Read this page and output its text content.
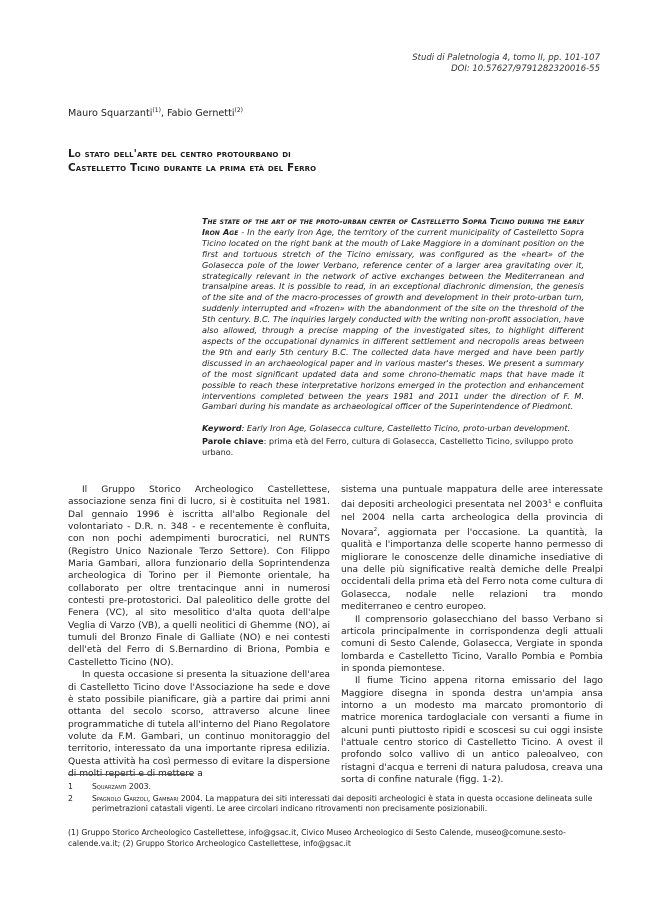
Studi di Paletnologia 4, tomo II, pp. 101-107
DOI: 10.57627/9791282320016-55
Mauro Squarzanti$^{(1)}$, Fabio Gernetti$^{(2)}$
Lo stato dell'arte del centro protourbano di
Castelletto Ticino durante la prima età del Ferro
The state of the art of the proto-urban center of Castelletto Sopra Ticino during the early Iron Age - In the early Iron Age, the territory of the current municipality of Castelletto Sopra Ticino located on the right bank at the mouth of Lake Maggiore in a dominant position on the first and tortuous stretch of the Ticino emissary, was configured as the «heart» of the Golasecca pole of the lower Verbano, reference center of a larger area gravitating over it, strategically relevant in the network of active exchanges between the Mediterranean and transalpine areas. It is possible to read, in an exceptional diachronic dimension, the genesis of the site and of the macro-processes of growth and development in their proto-urban turn, suddenly interrupted and «frozen» with the abandonment of the site on the threshold of the 5th century. B.C. The inquiries largely conducted with the writing non-profit association, have also allowed, through a precise mapping of the investigated sites, to highlight different aspects of the occupational dynamics in different settlement and necropolis areas between the 9th and early 5th century B.C. The collected data have merged and have been partly discussed in an archaeological paper and in various master's theses. We present a summary of the most significant updated data and some chrono-thematic maps that have made it possible to reach these interpretative horizons emerged in the protection and enhancement interventions completed between the years 1981 and 2011 under the direction of F. M. Gambari during his mandate as archaeological officer of the Superintendence of Piedmont.
Keyword: Early Iron Age, Golasecca culture, Castelletto Ticino, proto-urban development.
Parole chiave: prima età del Ferro, cultura di Golasecca, Castelletto Ticino, sviluppo proto urbano.

Il Gruppo Storico Archeologico Castellettese, associazione senza fini di lucro, si è costituita nel 1981. Dal gennaio 1996 è iscritta all'albo Regionale del volontariato - D.R. n. 348 - e recentemente è confluita, con non pochi adempimenti burocratici, nel RUNTS (Registro Unico Nazionale Terzo Settore). Con Filippo Maria Gambari, allora funzionario della Soprintendenza archeologica di Torino per il Piemonte orientale, ha collaborato per oltre trentacinque anni in numerosi contesti pre-protostorici. Dal paleolitico delle grotte del Fenera (VC), al sito mesolitico d'alta quota dell'alpe Veglia di Varzo (VB), a quelli neolitici di Ghemme (NO), ai tumuli del Bronzo Finale di Galliate (NO) e nei contesti dell'età del Ferro di S.Bernardino di Briona, Pombia e Castelletto Ticino (NO).

In questa occasione si presenta la situazione dell'area di Castelletto Ticino dove l'Associazione ha sede e dove è stato possibile pianificare, già a partire dai primi anni ottanta del secolo scorso, attraverso alcune linee programmatiche di tutela all'interno del Piano Regolatore volute da F.M. Gambari, un continuo monitoraggio del territorio, interessato da una importante ripresa edilizia. Questa attività ha così permesso di evitare la dispersione di molti reperti e di mettere a

sistema una puntuale mappatura delle aree interessate dai depositi archeologici presentata nel 2003$^1$ e confluita nel 2004 nella carta archeologica della provincia di Novara$^2$, aggiornata per l'occasione. La quantità, la qualità e l'importanza delle scoperte hanno permesso di migliorare le conoscenze delle dinamiche insediative di una delle più significative realtà demiche delle Prealpi occidentali della prima età del Ferro nota come cultura di Golasecca, nodale nelle relazioni tra mondo mediterraneo e centro europeo.

Il comprensorio golasecchiano del basso Verbano si articola principalmente in corrispondenza degli attuali comuni di Sesto Calende, Golasecca, Vergiate in sponda lombarda e Castelletto Ticino, Varallo Pombia e Pombia in sponda piemontese.

Il fiume Ticino appena ritorna emissario del lago Maggiore disegna in sponda destra un'ampia ansa intorno a un modesto ma marcato promontorio di matrice morenica tardoglaciale con versanti a fiume in alcuni punti piuttosto ripidi e scoscesi su cui oggi insiste l'attuale centro storico di Castelletto Ticino. A ovest il profondo solco vallivo di un antico paleoalveo, con ristagni d'acqua e terreni di natura paludosa, creava una sorta di confine naturale (figg. 1-2).

1 Squarzanti 2003.
2 Spagnolo Garzoli, Gambari 2004. La mappatura dei siti interessati dai depositi archeologici è stata in questa occasione delineata sulle perimetrazioni catastali vigenti. Le aree circolari indicano ritrovamenti non precisamente posizionabili.
(1) Gruppo Storico Archeologico Castellettese, info@gsac.it, Civico Museo Archeologico di Sesto Calende, museo@comune.sesto-calende.va.it; (2) Gruppo Storico Archeologico Castellettese, info@gsac.it
